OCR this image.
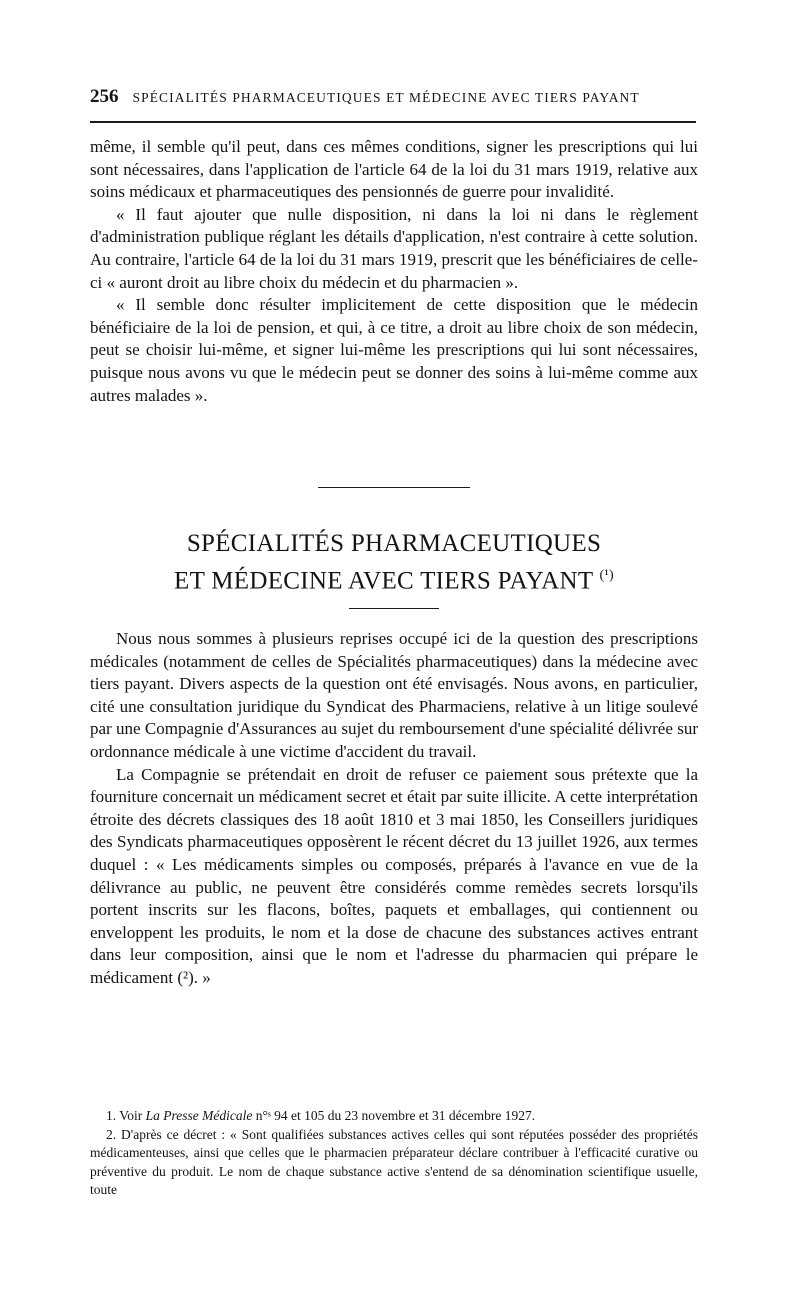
256 SPÉCIALITÉS PHARMACEUTIQUES ET MÉDECINE AVEC TIERS PAYANT

même, il semble qu'il peut, dans ces mêmes conditions, signer les prescriptions qui lui sont nécessaires, dans l'application de l'article 64 de la loi du 31 mars 1919, relative aux soins médicaux et pharmaceutiques des pensionnés de guerre pour invalidité.

« Il faut ajouter que nulle disposition, ni dans la loi ni dans le règlement d'administration publique réglant les détails d'application, n'est contraire à cette solution. Au contraire, l'article 64 de la loi du 31 mars 1919, prescrit que les bénéficiaires de celle-ci « auront droit au libre choix du médecin et du pharmacien ».

« Il semble donc résulter implicitement de cette disposition que le médecin bénéficiaire de la loi de pension, et qui, à ce titre, a droit au libre choix de son médecin, peut se choisir lui-même, et signer lui-même les prescriptions qui lui sont nécessaires, puisque nous avons vu que le médecin peut se donner des soins à lui-même comme aux autres malades ».

SPÉCIALITÉS PHARMACEUTIQUES
ET MÉDECINE AVEC TIERS PAYANT $^{(^1)}$

Nous nous sommes à plusieurs reprises occupé ici de la question des prescriptions médicales (notamment de celles de Spécialités pharmaceutiques) dans la médecine avec tiers payant. Divers aspects de la question ont été envisagés. Nous avons, en particulier, cité une consultation juridique du Syndicat des Pharmaciens, relative à un litige soulevé par une Compagnie d'Assurances au sujet du remboursement d'une spécialité délivrée sur ordonnance médicale à une victime d'accident du travail.

La Compagnie se prétendait en droit de refuser ce paiement sous prétexte que la fourniture concernait un médicament secret et était par suite illicite. A cette interprétation étroite des décrets classiques des 18 août 1810 et 3 mai 1850, les Conseillers juridiques des Syndicats pharmaceutiques opposèrent le récent décret du 13 juillet 1926, aux termes duquel : « Les médicaments simples ou composés, préparés à l'avance en vue de la délivrance au public, ne peuvent être considérés comme remèdes secrets lorsqu'ils portent inscrits sur les flacons, boîtes, paquets et emballages, qui contiennent ou enveloppent les produits, le nom et la dose de chacune des substances actives entrant dans leur composition, ainsi que le nom et l'adresse du pharmacien qui prépare le médicament (²). »

1. Voir La Presse Médicale n°ˢ 94 et 105 du 23 novembre et 31 décembre 1927.

2. D'après ce décret : « Sont qualifiées substances actives celles qui sont réputées posséder des propriétés médicamenteuses, ainsi que celles que le pharmacien préparateur déclare contribuer à l'efficacité curative ou préventive du produit. Le nom de chaque substance active s'entend de sa dénomination scientifique usuelle, toute
